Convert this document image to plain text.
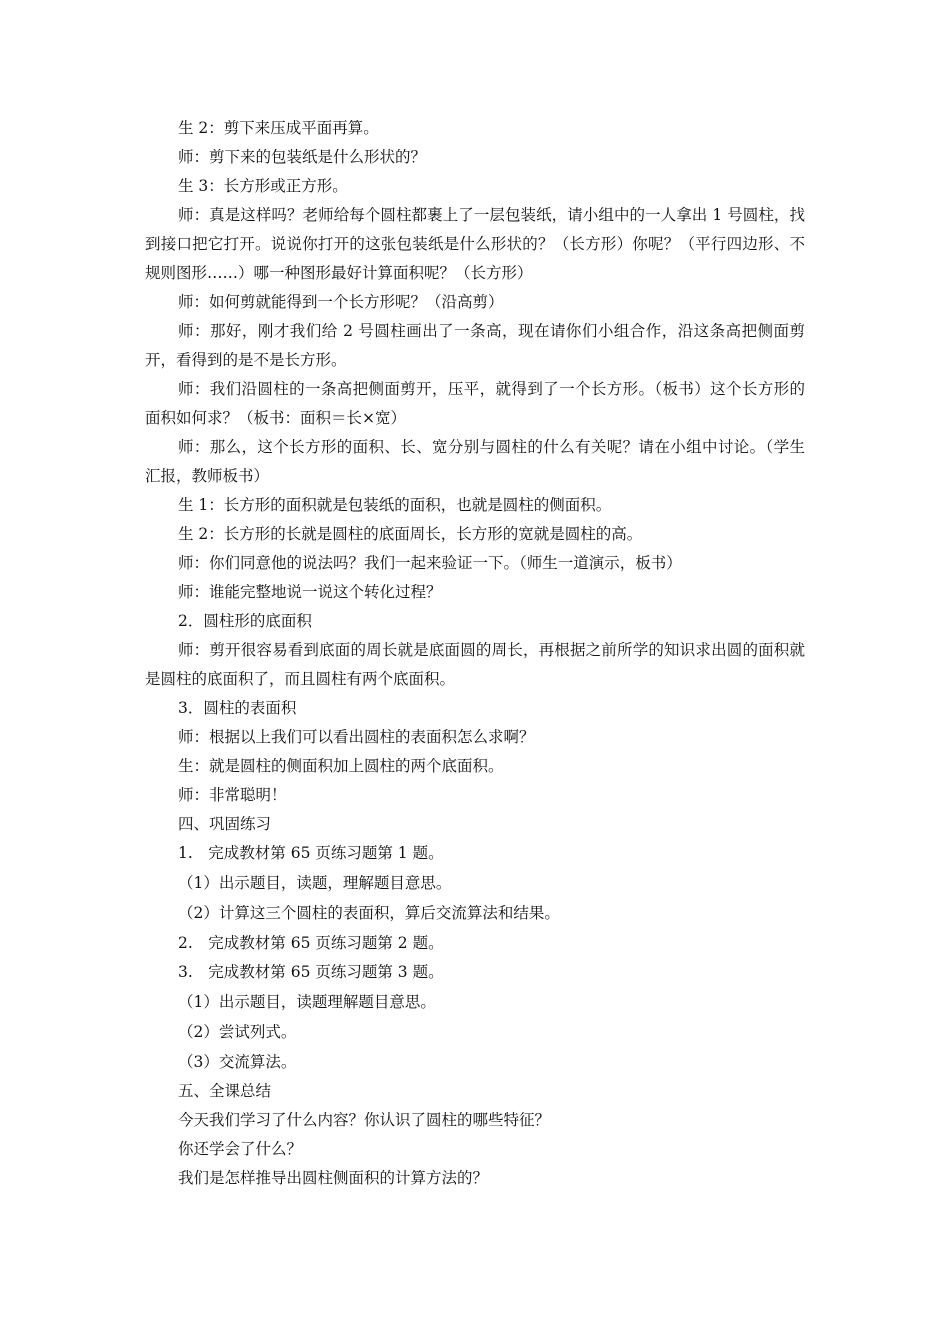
生 2：剪下来压成平面再算。

师：剪下来的包装纸是什么形状的？

生 3：长方形或正方形。

师：真是这样吗？老师给每个圆柱都裹上了一层包装纸，请小组中的一人拿出 1 号圆柱，找到接口把它打开。说说你打开的这张包装纸是什么形状的？（长方形）你呢？（平行四边形、不规则图形……）哪一种图形最好计算面积呢？（长方形）

师：如何剪就能得到一个长方形呢？（沿高剪）

师：那好，刚才我们给 2 号圆柱画出了一条高，现在请你们小组合作，沿这条高把侧面剪开，看得到的是不是长方形。

师：我们沿圆柱的一条高把侧面剪开，压平，就得到了一个长方形。（板书）这个长方形的面积如何求？（板书：面积＝长×宽）

师：那么，这个长方形的面积、长、宽分别与圆柱的什么有关呢？请在小组中讨论。（学生汇报，教师板书）

生 1：长方形的面积就是包装纸的面积，也就是圆柱的侧面积。

生 2：长方形的长就是圆柱的底面周长，长方形的宽就是圆柱的高。

师：你们同意他的说法吗？我们一起来验证一下。（师生一道演示，板书）

师：谁能完整地说一说这个转化过程？

2．圆柱形的底面积

师：剪开很容易看到底面的周长就是底面圆的周长，再根据之前所学的知识求出圆的面积就是圆柱的底面积了，而且圆柱有两个底面积。

3．圆柱的表面积

师：根据以上我们可以看出圆柱的表面积怎么求啊？

生：就是圆柱的侧面积加上圆柱的两个底面积。

师：非常聪明！

四、巩固练习

1.　完成教材第 65 页练习题第 1 题。

（1）出示题目，读题，理解题目意思。

（2）计算这三个圆柱的表面积，算后交流算法和结果。

2.　完成教材第 65 页练习题第 2 题。

3.　完成教材第 65 页练习题第 3 题。

（1）出示题目，读题理解题目意思。

（2）尝试列式。

（3）交流算法。

五、全课总结

今天我们学习了什么内容？你认识了圆柱的哪些特征？

你还学会了什么？

我们是怎样推导出圆柱侧面积的计算方法的？
